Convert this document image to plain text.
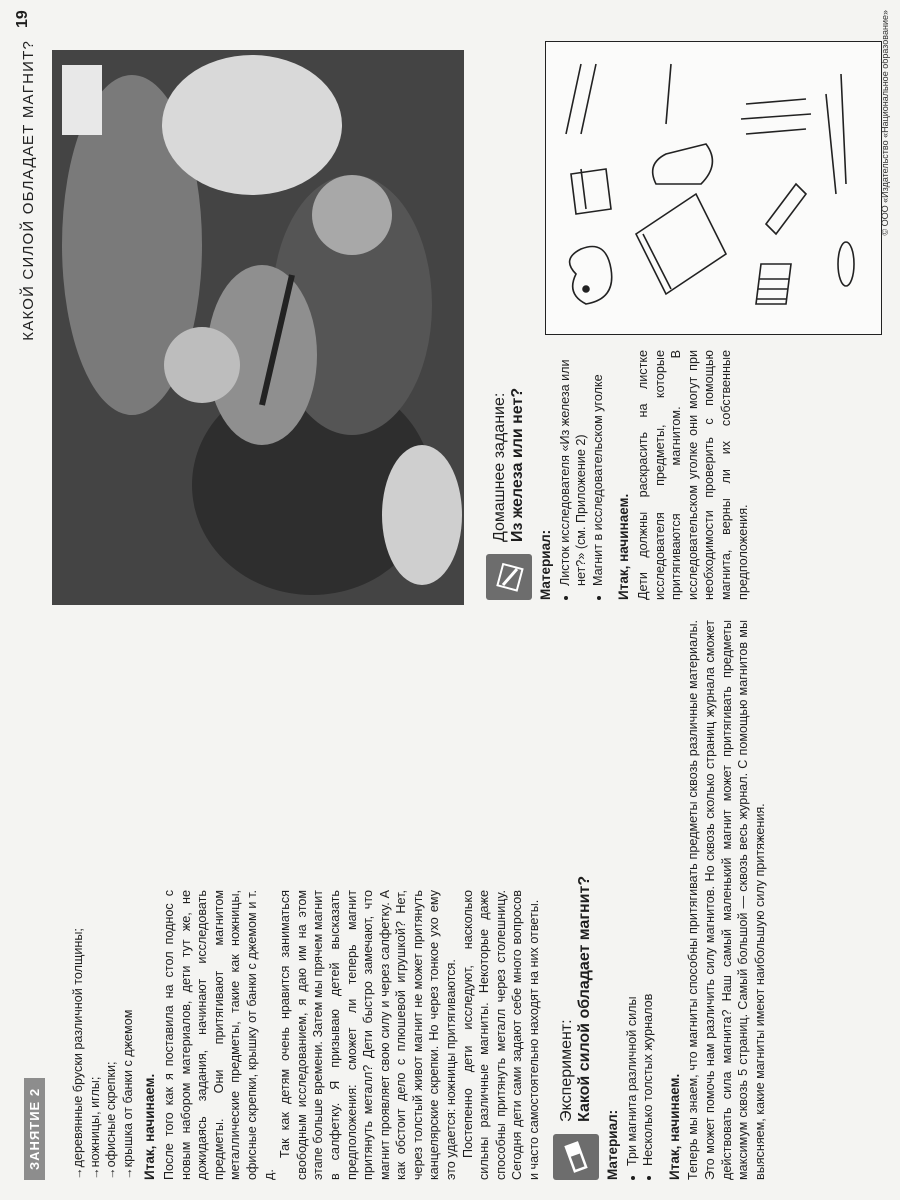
ЗАНЯТИЕ 2
КАКОЙ СИЛОЙ ОБЛАДАЕТ МАГНИТ?
19
→ деревянные бруски различной толщины; → ножницы, иглы; → офисные скрепки; → крышка от банки с джемом Итак, начинаем. После того как я поставила на стол поднос с новым набором материалов, дети тут же, не дожидаясь задания, начинают исследовать предметы. Они притягивают магнитом металлические предметы, такие как ножницы, офисные скрепки, крышку от банки с джемом и т. д.

Так как детям очень нравится заниматься свободным исследованием, я даю им на этом этапе больше времени. Затем мы прячем магнит в салфетку. Я призываю детей высказать предположения: сможет ли теперь магнит притянуть металл? Дети быстро замечают, что магнит проявляет свою силу и через салфетку. А как обстоит дело с плюшевой игрушкой? Нет, через толстый живот магнит не может притянуть канцелярские скрепки. Но через тонкое ухо ему это удается: ножницы притягиваются. Постепенно дети исследуют, насколько сильны различные магниты. Некоторые даже способны притянуть металл через столешницу. Сегодня дети сами задают себе много вопросов и часто самостоятельно находят на них ответы. Эксперимент: Какой силой обладает магнит?
Материал: • Три магнита различной силы • Несколько толстых журналов Итак, начинаем. Теперь мы знаем, что магниты способны притягивать предметы сквозь различные материалы. Это может помочь нам различить силу магнитов. Но сквозь сколько страниц журнала сможет действовать сила магнита? Наш самый маленький магнит может притягивать предметы максимум сквозь 5 страниц. Самый большой — сквозь весь журнал. С помощью магнитов мы выясняем, какие магниты имеют наибольшую силу притяжения.

Домашнее задание: Из железа или нет?
Материал: • Листок исследователя «Из железа или нет?» (см. Приложение 2) • Магнит в исследовательском уголке Итак, начинаем. Дети должны раскрасить на листке исследователя предметы, которые притягиваются магнитом. В исследовательском уголке они могут при необходимости проверить с помощью магнита, верны ли их собственные предположения.

© ООО «Издательство «Национальное образование»
